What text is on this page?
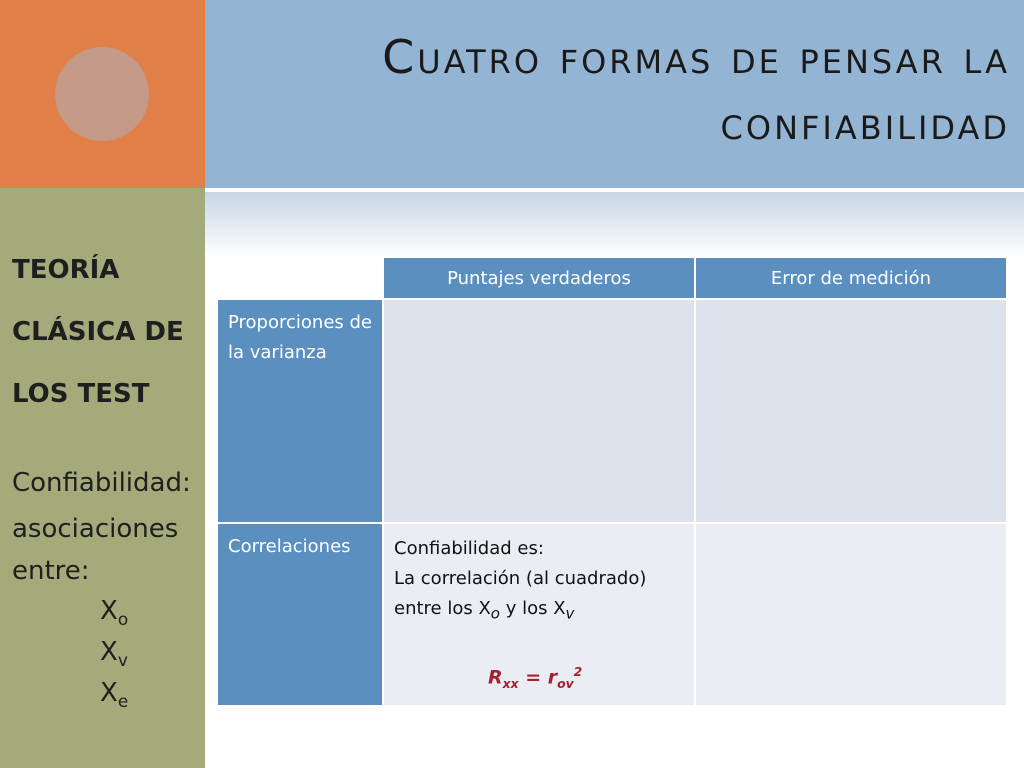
Cuatro formas de pensar la
confiabilidad

TEORÍA

CLÁSICA DE

LOS TEST

Confiabilidad:

asociaciones

entre:

$X_o$

$X_v$

$X_e$

	Puntajes verdaderos	Error de medición
Proporciones de la varianza		
Correlaciones	Confiabilidad es:
La correlación (al cuadrado)
entre los $X_o$ y los $X_v$
$R_{xx} = r_{ov}^2$
